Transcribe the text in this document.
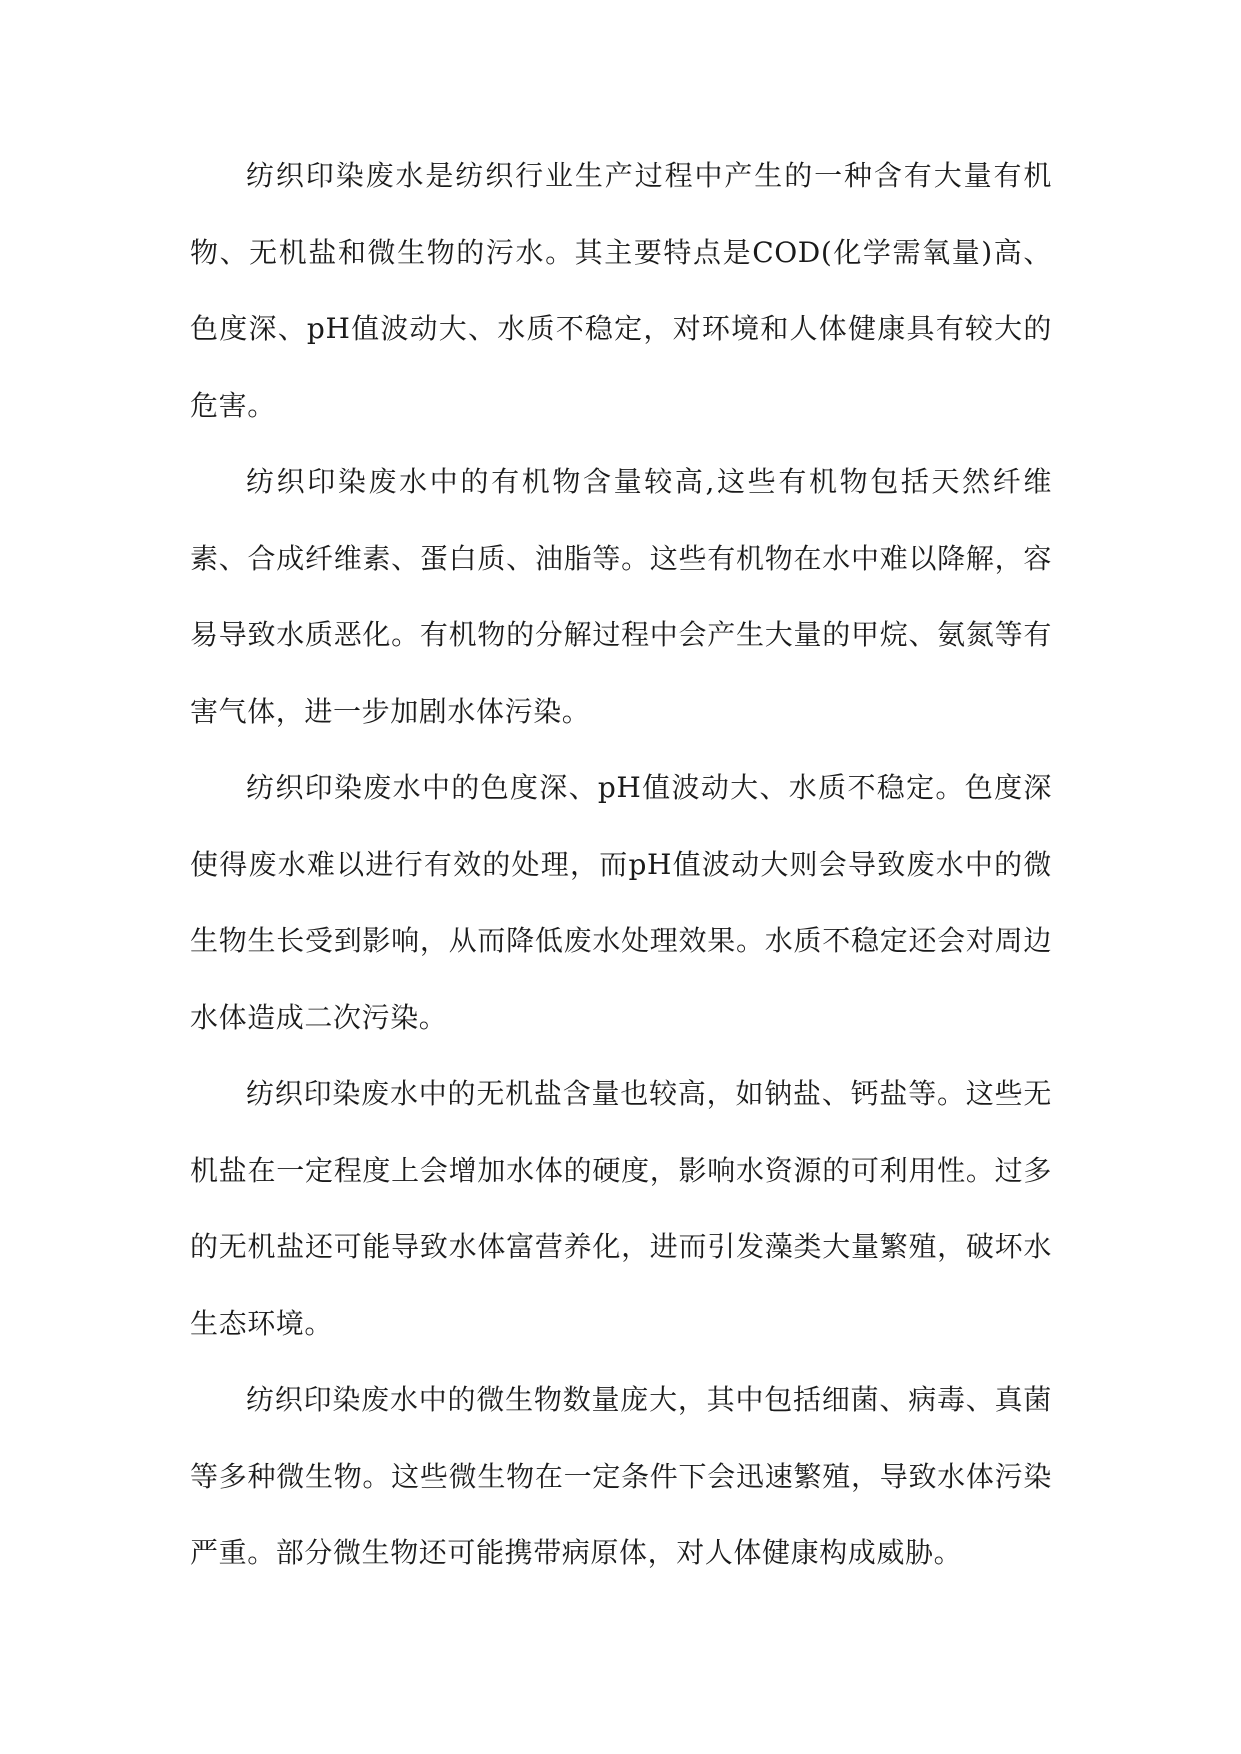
纺织印染废水是纺织行业生产过程中产生的一种含有大量有机物、无机盐和微生物的污水。其主要特点是COD(化学需氧量)高、色度深、pH值波动大、水质不稳定，对环境和人体健康具有较大的危害。

纺织印染废水中的有机物含量较高,这些有机物包括天然纤维素、合成纤维素、蛋白质、油脂等。这些有机物在水中难以降解，容易导致水质恶化。有机物的分解过程中会产生大量的甲烷、氨氮等有害气体，进一步加剧水体污染。

纺织印染废水中的色度深、pH值波动大、水质不稳定。色度深使得废水难以进行有效的处理，而pH值波动大则会导致废水中的微生物生长受到影响，从而降低废水处理效果。水质不稳定还会对周边水体造成二次污染。

纺织印染废水中的无机盐含量也较高，如钠盐、钙盐等。这些无机盐在一定程度上会增加水体的硬度，影响水资源的可利用性。过多的无机盐还可能导致水体富营养化，进而引发藻类大量繁殖，破坏水生态环境。

纺织印染废水中的微生物数量庞大，其中包括细菌、病毒、真菌等多种微生物。这些微生物在一定条件下会迅速繁殖，导致水体污染严重。部分微生物还可能携带病原体，对人体健康构成威胁。
